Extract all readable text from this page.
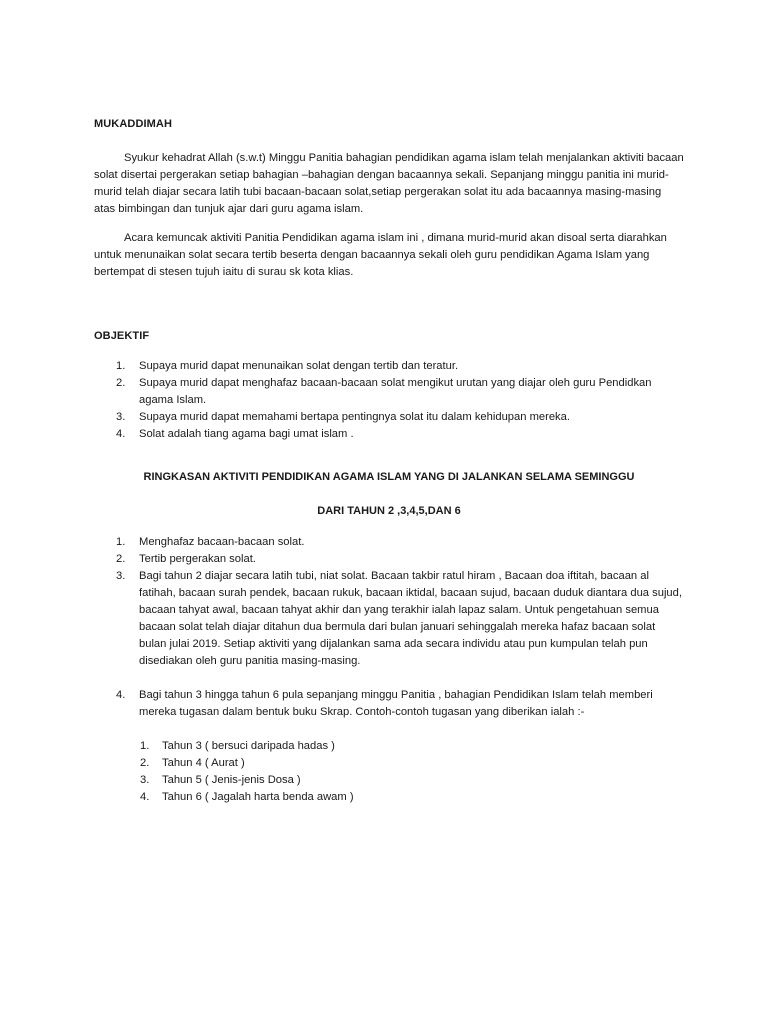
MUKADDIMAH

Syukur kehadrat Allah (s.w.t) Minggu Panitia bahagian pendidikan agama islam telah menjalankan aktiviti bacaan solat disertai pergerakan setiap bahagian –bahagian dengan bacaannya sekali. Sepanjang minggu panitia ini murid-murid telah diajar secara latih tubi bacaan-bacaan solat,setiap pergerakan solat itu ada bacaannya masing-masing atas bimbingan dan tunjuk ajar dari guru agama islam.

Acara kemuncak aktiviti Panitia Pendidikan agama islam ini , dimana murid-murid akan disoal serta diarahkan untuk menunaikan solat secara tertib beserta dengan bacaannya sekali oleh guru pendidikan Agama Islam yang bertempat di stesen tujuh iaitu di surau sk kota klias.

OBJEKTIF
1. Supaya murid dapat menunaikan solat dengan tertib dan teratur.
2. Supaya murid dapat menghafaz bacaan-bacaan solat mengikut urutan yang diajar oleh guru Pendidkan agama Islam.
3. Supaya murid dapat memahami bertapa pentingnya solat itu dalam kehidupan mereka.
4. Solat adalah tiang agama bagi umat islam .
RINGKASAN AKTIVITI PENDIDIKAN AGAMA ISLAM YANG DI JALANKAN SELAMA SEMINGGU
DARI TAHUN 2 ,3,4,5,DAN 6
1. Menghafaz bacaan-bacaan solat.
2. Tertib pergerakan solat.
3. Bagi tahun 2 diajar secara latih tubi, niat solat. Bacaan takbir ratul hiram , Bacaan doa iftitah, bacaan al fatihah, bacaan surah pendek, bacaan rukuk, bacaan iktidal, bacaan sujud, bacaan duduk diantara dua sujud, bacaan tahyat awal, bacaan tahyat akhir dan yang terakhir ialah lapaz salam. Untuk pengetahuan semua bacaan solat telah diajar ditahun dua bermula dari bulan januari sehinggalah mereka hafaz bacaan solat bulan julai 2019. Setiap aktiviti yang dijalankan sama ada secara individu atau pun kumpulan telah pun disediakan oleh guru panitia masing-masing.
4. Bagi tahun 3 hingga tahun 6 pula sepanjang minggu Panitia , bahagian Pendidikan Islam telah memberi mereka tugasan dalam bentuk buku Skrap. Contoh-contoh tugasan yang diberikan ialah :-
1. Tahun 3 ( bersuci daripada hadas )
2. Tahun 4 ( Aurat )
3. Tahun 5 ( Jenis-jenis Dosa )
4. Tahun 6 ( Jagalah harta benda awam )
